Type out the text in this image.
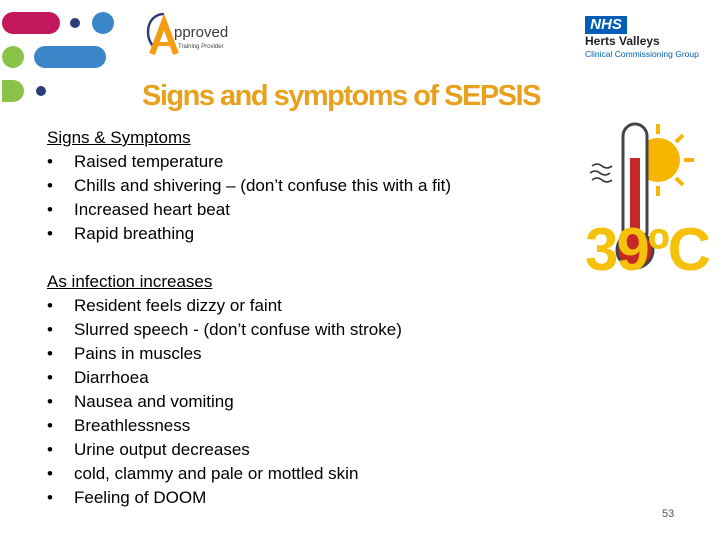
pproved
Training Provider
NHS
Herts Valleys
Clinical Commissioning Group
Signs and symptoms of SEPSIS
Signs & Symptoms
• Raised temperature
• Chills and shivering – (don’t confuse this with a fit)
• Increased heart beat
• Rapid breathing
As infection increases
• Resident feels dizzy or faint
• Slurred speech - (don’t confuse with stroke)
• Pains in muscles
• Diarrhoea
• Nausea and vomiting
• Breathlessness
• Urine output decreases
• cold, clammy and pale or mottled skin
• Feeling of DOOM
39ºC
53
